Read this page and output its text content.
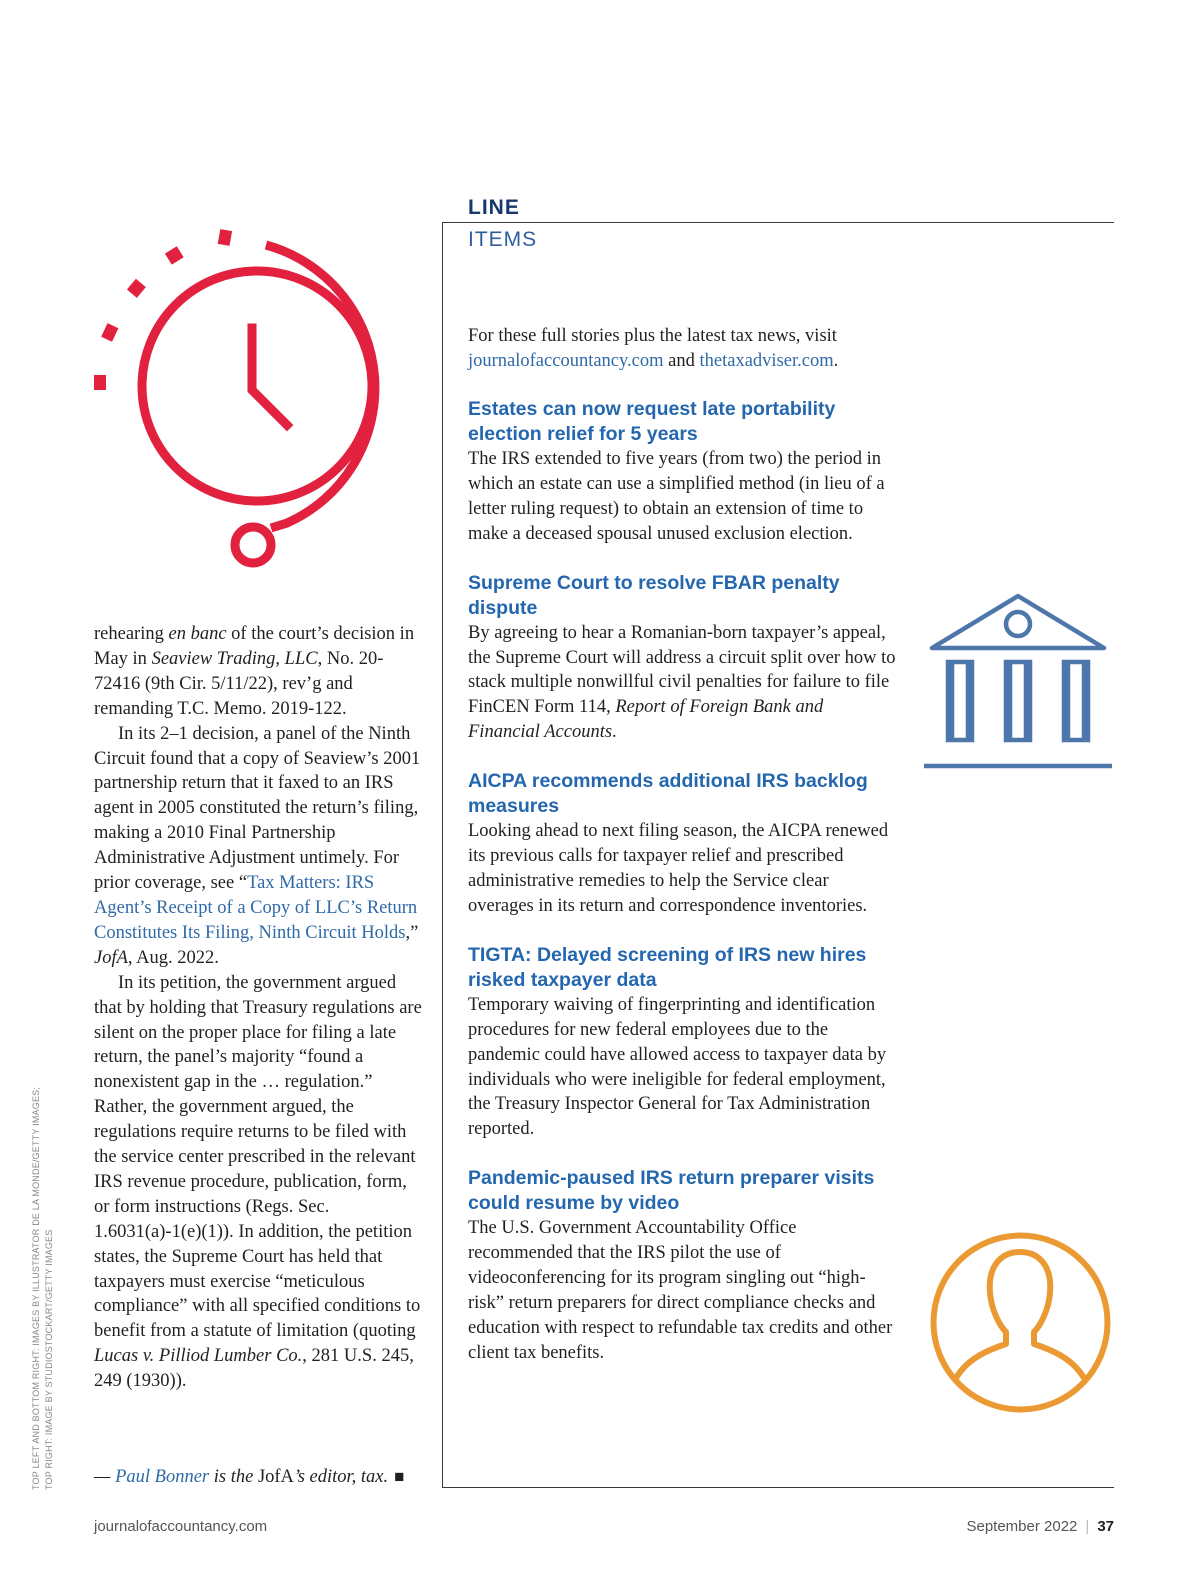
rehearing en banc of the court’s decision in May in Seaview Trading, LLC, No. 20-72416 (9th Cir. 5/11/22), rev’g and remanding T.C. Memo. 2019-122.

In its 2–1 decision, a panel of the Ninth Circuit found that a copy of Seaview’s 2001 partnership return that it faxed to an IRS agent in 2005 constituted the return’s filing, making a 2010 Final Partnership Administrative Adjustment untimely. For prior coverage, see “Tax Matters: IRS Agent’s Receipt of a Copy of LLC’s Return Constitutes Its Filing, Ninth Circuit Holds,” JofA, Aug. 2022.

In its petition, the government argued that by holding that Treasury regulations are silent on the proper place for filing a late return, the panel’s majority “found a nonexistent gap in the … regulation.” Rather, the government argued, the regulations require returns to be filed with the service center prescribed in the relevant IRS revenue procedure, publication, form, or form instructions (Regs. Sec. 1.6031(a)-1(e)(1)). In addition, the petition states, the Supreme Court has held that taxpayers must exercise “meticulous compliance” with all specified conditions to benefit from a statute of limitation (quoting Lucas v. Pilliod Lumber Co., 281 U.S. 245, 249 (1930)).

— Paul Bonner is the JofA’s editor, tax. ■
TOP LEFT AND BOTTOM RIGHT: IMAGES BY ILLUSTRATOR DE LA MONDE/GETTY IMAGES; TOP RIGHT: IMAGE BY STUDIOSTOCKART/GETTY IMAGES
LINE
ITEMS
For these full stories plus the latest tax news, visit journalofaccountancy.com and thetaxadviser.com.
Estates can now request late portability election relief for 5 years

The IRS extended to five years (from two) the period in which an estate can use a simplified method (in lieu of a letter ruling request) to obtain an extension of time to make a deceased spousal unused exclusion election.

Supreme Court to resolve FBAR penalty dispute

By agreeing to hear a Romanian-born taxpayer’s appeal, the Supreme Court will address a circuit split over how to stack multiple nonwillful civil penalties for failure to file FinCEN Form 114, Report of Foreign Bank and Financial Accounts.

AICPA recommends additional IRS backlog measures

Looking ahead to next filing season, the AICPA renewed its previous calls for taxpayer relief and prescribed administrative remedies to help the Service clear overages in its return and correspondence inventories.

TIGTA: Delayed screening of IRS new hires risked taxpayer data

Temporary waiving of fingerprinting and identification procedures for new federal employees due to the pandemic could have allowed access to taxpayer data by individuals who were ineligible for federal employment, the Treasury Inspector General for Tax Administration reported.

Pandemic-paused IRS return preparer visits could resume by video

The U.S. Government Accountability Office recommended that the IRS pilot the use of videoconferencing for its program singling out “high-risk” return preparers for direct compliance checks and education with respect to refundable tax credits and other client tax benefits.

journalofaccountancy.com	September 2022 | 37
